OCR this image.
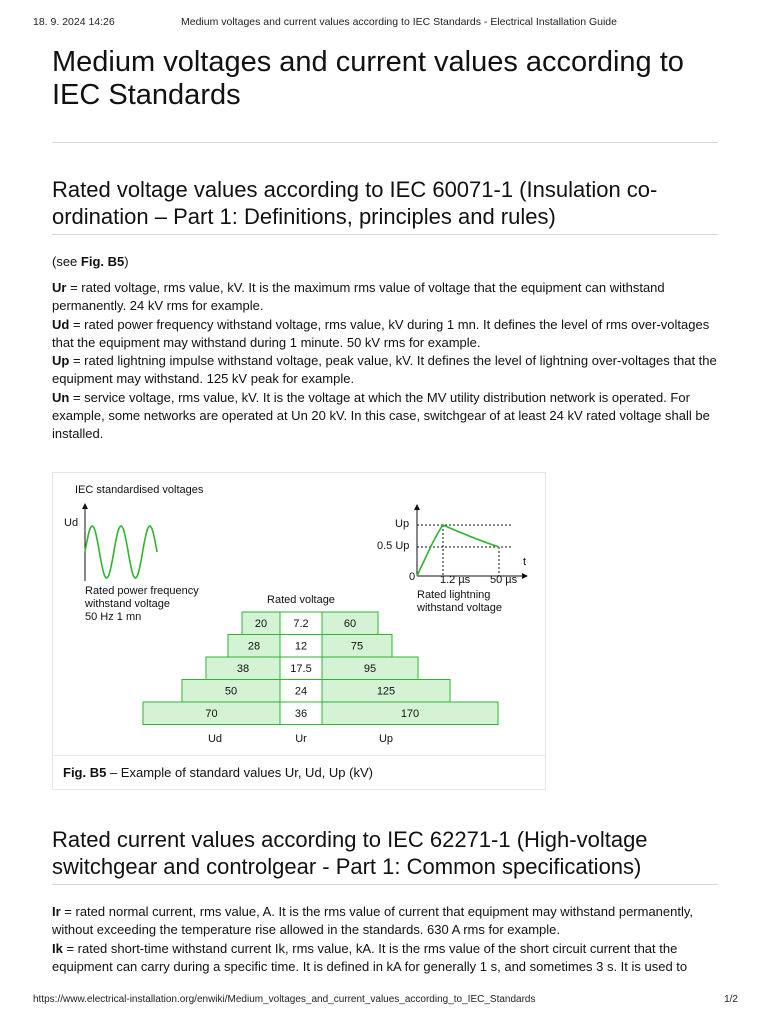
18. 9. 2024 14:26	Medium voltages and current values according to IEC Standards - Electrical Installation Guide
Medium voltages and current values according to IEC Standards
Rated voltage values according to IEC 60071-1 (Insulation co-ordination – Part 1: Definitions, principles and rules)

(see Fig. B5)

Ur = rated voltage, rms value, kV. It is the maximum rms value of voltage that the equipment can withstand permanently. 24 kV rms for example.
Ud = rated power frequency withstand voltage, rms value, kV during 1 mn. It defines the level of rms over-voltages that the equipment may withstand during 1 minute. 50 kV rms for example.
Up = rated lightning impulse withstand voltage, peak value, kV. It defines the level of lightning over-voltages that the equipment may withstand. 125 kV peak for example.
Un = service voltage, rms value, kV. It is the voltage at which the MV utility distribution network is operated. For example, some networks are operated at Un 20 kV. In this case, switchgear of at least 24 kV rated voltage shall be installed.

IEC standardised voltages
Ud
Rated power frequency
withstand voltage
50 Hz 1 mn
Up
0.5 Up
t
0 1.2 µs 50 µs
Rated lightning
withstand voltage
Rated voltage
20 7.2	60
28	12	75
38	17.5	95
50	24	125
70	36	170
Ud	Ur	Up
Fig. B5 – Example of standard values Ur, Ud, Up (kV)
Rated current values according to IEC 62271-1 (High-voltage switchgear and controlgear - Part 1: Common specifications)

Ir = rated normal current, rms value, A. It is the rms value of current that equipment may withstand permanently, without exceeding the temperature rise allowed in the standards. 630 A rms for example.
Ik = rated short-time withstand current Ik, rms value, kA. It is the rms value of the short circuit current that the equipment can carry during a specific time. It is defined in kA for generally 1 s, and sometimes 3 s. It is used to

https://www.electrical-installation.org/enwiki/Medium_voltages_and_current_values_according_to_IEC_Standards	1/2
